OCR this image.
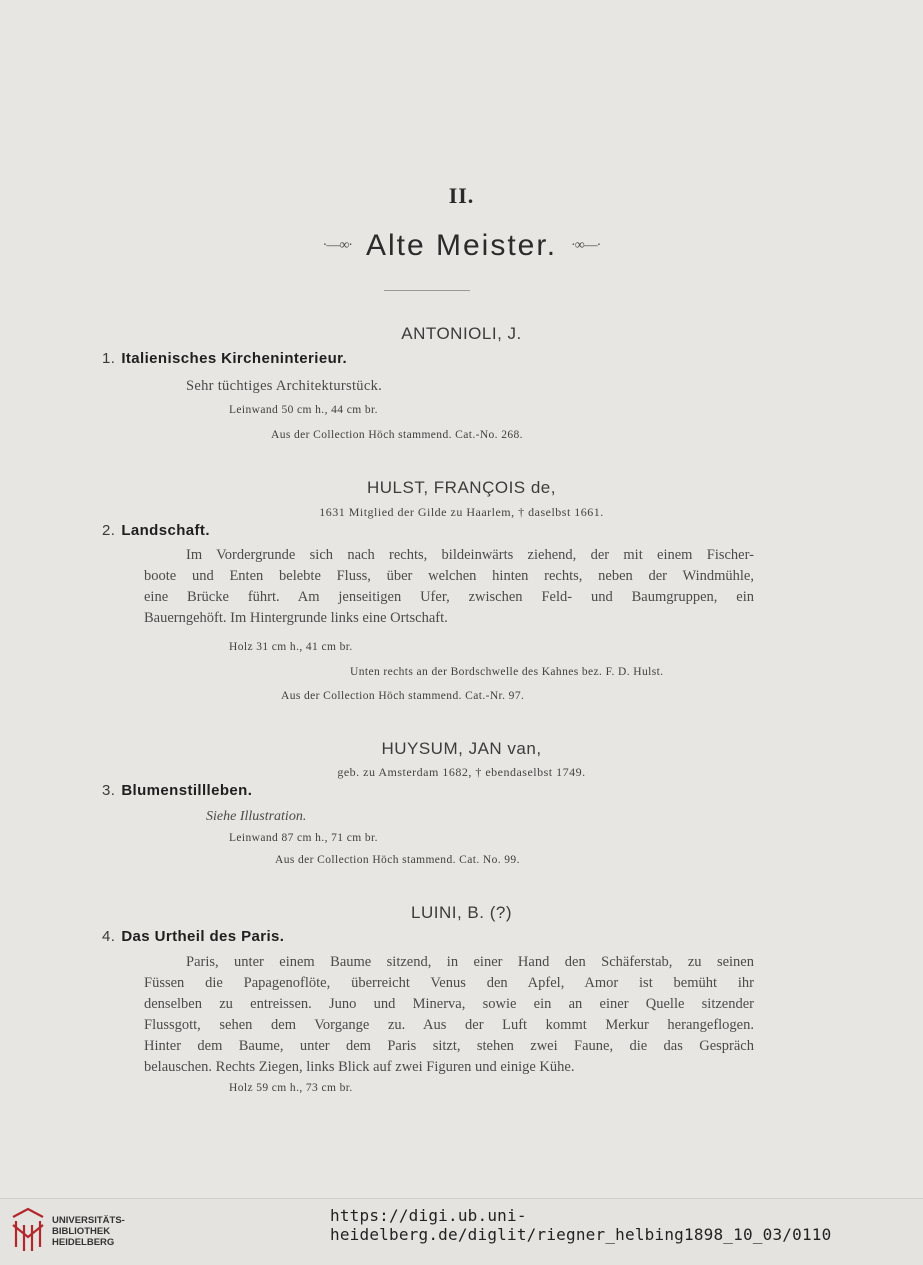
II.
·—∞· Alte Meister. ·∞—·
ANTONIOLI, J.
1. Italienisches Kircheninterieur.
Sehr tüchtiges Architekturstück.
Leinwand 50 cm h., 44 cm br.
Aus der Collection Höch stammend. Cat.-No. 268.
HULST, FRANÇOIS de,
1631 Mitglied der Gilde zu Haarlem, † daselbst 1661.
2. Landschaft.
Im Vordergrunde sich nach rechts, bildeinwärts ziehend, der mit einem Fischer-
boote und Enten belebte Fluss, über welchen hinten rechts, neben der Windmühle,
eine Brücke führt. Am jenseitigen Ufer, zwischen Feld- und Baumgruppen, ein
Bauerngehöft. Im Hintergrunde links eine Ortschaft.
Holz 31 cm h., 41 cm br.
Unten rechts an der Bordschwelle des Kahnes bez. F. D. Hulst.
Aus der Collection Höch stammend. Cat.-Nr. 97.
HUYSUM, JAN van,
geb. zu Amsterdam 1682, † ebendaselbst 1749.
3. Blumenstillleben.
Siehe Illustration.
Leinwand 87 cm h., 71 cm br.
Aus der Collection Höch stammend. Cat. No. 99.
LUINI, B. (?)
4. Das Urtheil des Paris.
Paris, unter einem Baume sitzend, in einer Hand den Schäferstab, zu seinen
Füssen die Papagenoflöte, überreicht Venus den Apfel, Amor ist bemüht ihr
denselben zu entreissen. Juno und Minerva, sowie ein an einer Quelle sitzender
Flussgott, sehen dem Vorgange zu. Aus der Luft kommt Merkur herangeflogen.
Hinter dem Baume, unter dem Paris sitzt, stehen zwei Faune, die das Gespräch
belauschen. Rechts Ziegen, links Blick auf zwei Figuren und einige Kühe.
Holz 59 cm h., 73 cm br.
UNIVERSITÄTS-
BIBLIOTHEK
HEIDELBERG
https://digi.ub.uni-heidelberg.de/diglit/riegner_helbing1898_10_03/0110
